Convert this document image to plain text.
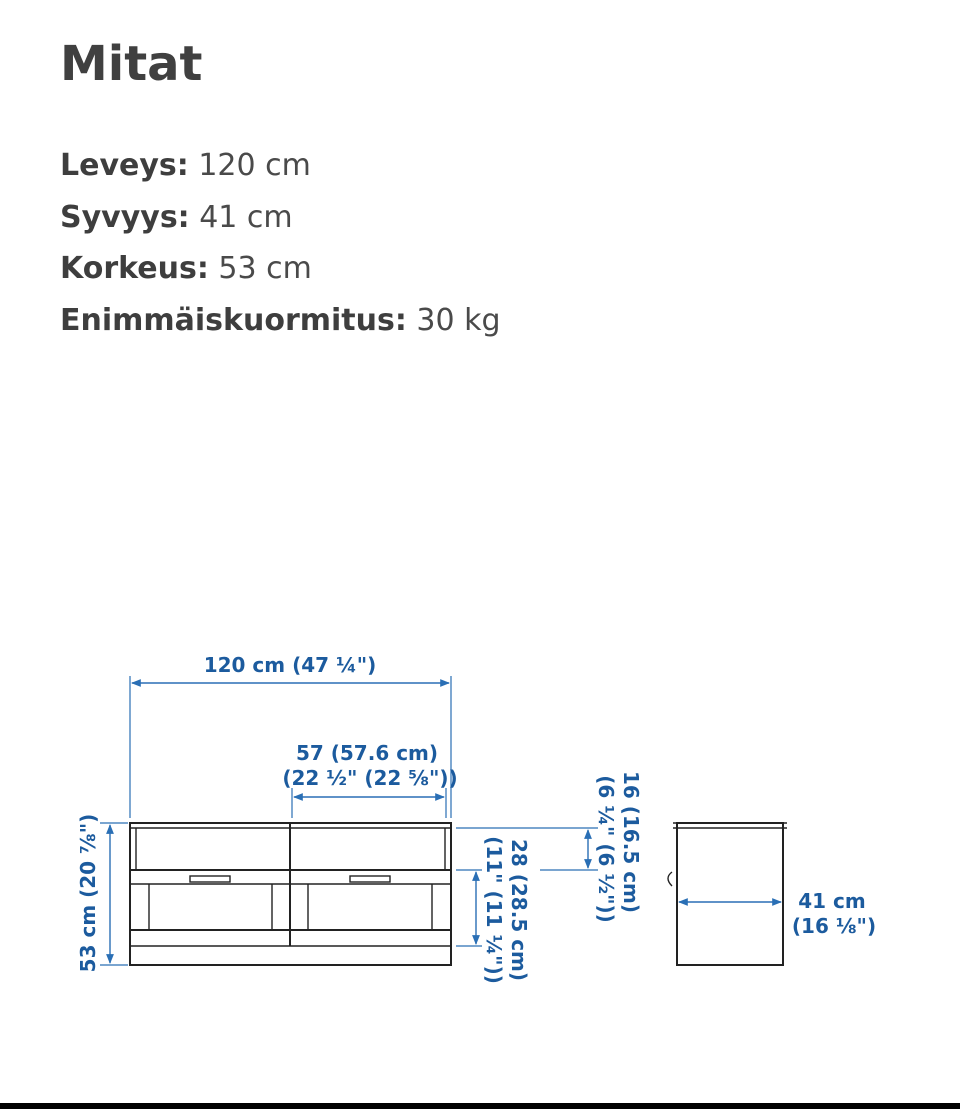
Mitat
Leveys: 120 cm
Syvyys: 41 cm
Korkeus: 53 cm
Enimmäiskuormitus: 30 kg
120 cm (47 ¼")
57 (57.6 cm)
(22 ½" (22 ⅝"))
53 cm (20 ⅞")	28 (28.5 cm)
(11" (11 ¼"))	16 (16.5 cm)
(6 ¼" (6 ½"))	41 cm
(16 ⅛")
